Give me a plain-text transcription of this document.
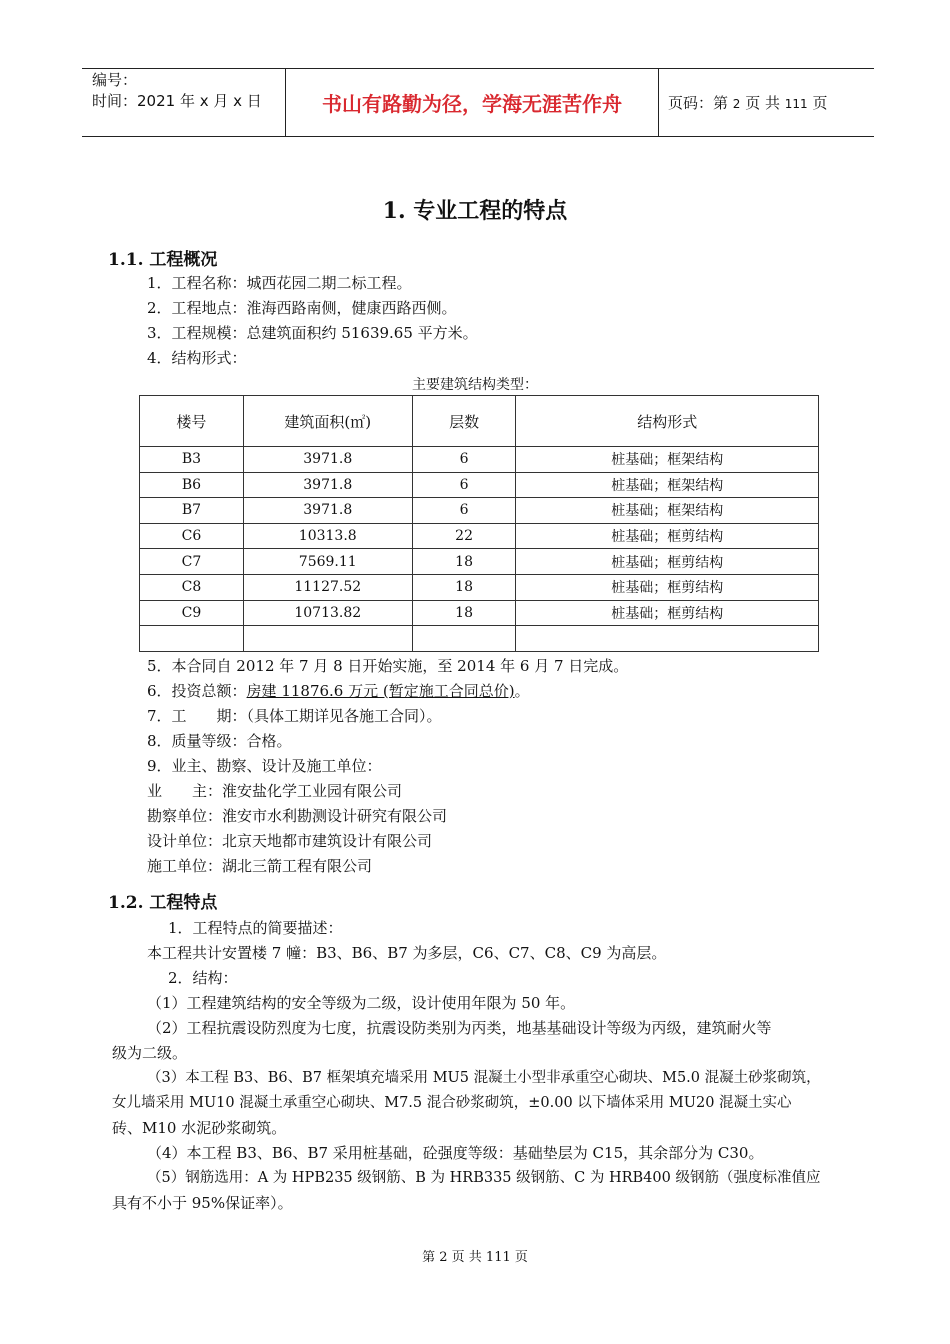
编号：
时间：2021 年 x 月 x 日	书山有路勤为径，学海无涯苦作舟	页码：第 2 页 共 111 页
1. 专业工程的特点
1.1. 工程概况
1．工程名称：城西花园二期二标工程。
2．工程地点：淮海西路南侧，健康西路西侧。
3．工程规模：总建筑面积约 51639.65 平方米。
4．结构形式：
主要建筑结构类型：
楼号	建筑面积(㎡)	层数	结构形式
B3	3971.8	6	桩基础；框架结构
B6	3971.8	6	桩基础；框架结构
B7	3971.8	6	桩基础；框架结构
C6	10313.8	22	桩基础；框剪结构
C7	7569.11	18	桩基础；框剪结构
C8	11127.52	18	桩基础；框剪结构
C9	10713.82	18	桩基础；框剪结构

5．本合同自 2012 年 7 月 8 日开始实施，至 2014 年 6 月 7 日完成。
6．投资总额：房建 11876.6 万元 (暂定施工合同总价)。
7．工　　期：（具体工期详见各施工合同）。
8．质量等级：合格。
9．业主、勘察、设计及施工单位：
业　　主：淮安盐化学工业园有限公司
勘察单位：淮安市水利勘测设计研究有限公司
设计单位：北京天地都市建筑设计有限公司
施工单位：湖北三箭工程有限公司
1.2. 工程特点
1．工程特点的简要描述：
本工程共计安置楼 7 幢：B3、B6、B7 为多层，C6、C7、C8、C9 为高层。
2．结构：
（1）工程建筑结构的安全等级为二级，设计使用年限为 50 年。
（2）工程抗震设防烈度为七度，抗震设防类别为丙类，地基基础设计等级为丙级，建筑耐火等
级为二级。
（3）本工程 B3、B6、B7 框架填充墙采用 MU5 混凝土小型非承重空心砌块、M5.0 混凝土砂浆砌筑，
女儿墙采用 MU10 混凝土承重空心砌块、M7.5 混合砂浆砌筑，±0.00 以下墙体采用 MU20 混凝土实心
砖、M10 水泥砂浆砌筑。
（4）本工程 B3、B6、B7 采用桩基础，砼强度等级：基础垫层为 C15，其余部分为 C30。
（5）钢筋选用：A 为 HPB235 级钢筋、B 为 HRB335 级钢筋、C 为 HRB400 级钢筋（强度标准值应
具有不小于 95%保证率）。
第 2 页 共 111 页
